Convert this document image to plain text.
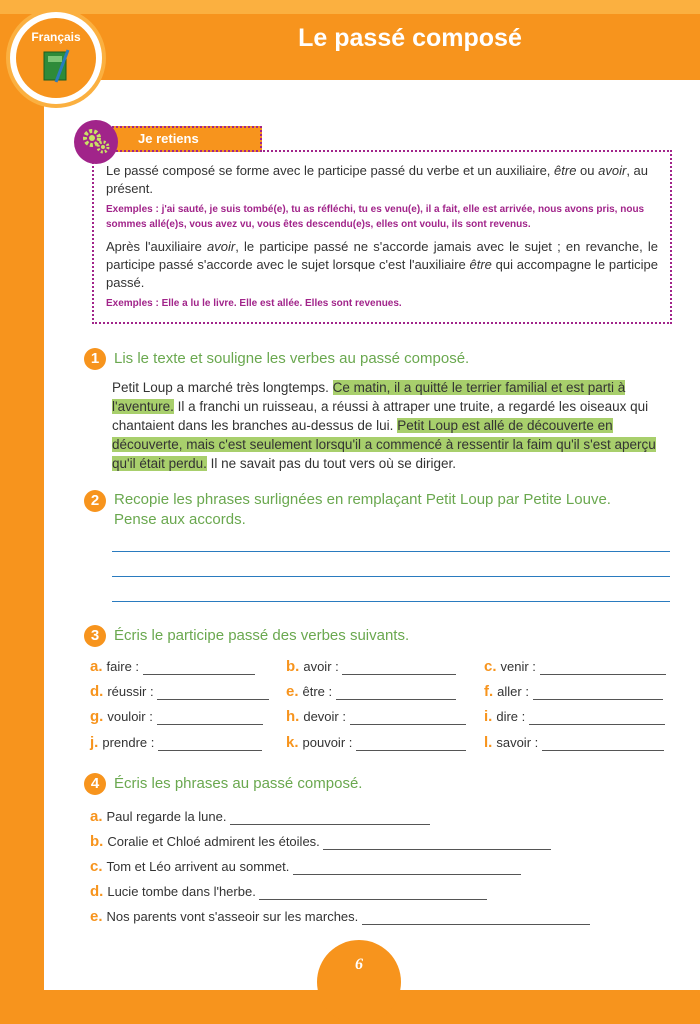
Le passé composé
Français
Je retiens

Le passé composé se forme avec le participe passé du verbe et un auxiliaire, être ou avoir, au présent.

Exemples : j'ai sauté, je suis tombé(e), tu as réfléchi, tu es venu(e), il a fait, elle est arrivée, nous avons pris, nous sommes allé(e)s, vous avez vu, vous êtes descendu(e)s, elles ont voulu, ils sont revenus.

Après l'auxiliaire avoir, le participe passé ne s'accorde jamais avec le sujet ; en revanche, le participe passé s'accorde avec le sujet lorsque c'est l'auxiliaire être qui accompagne le participe passé.

Exemples : Elle a lu le livre. Elle est allée. Elles sont revenues.

1 Lis le texte et souligne les verbes au passé composé.
Petit Loup a marché très longtemps. Ce matin, il a quitté le terrier familial et est parti à l'aventure. Il a franchi un ruisseau, a réussi à attraper une truite, a regardé les oiseaux qui chantaient dans les branches au-dessus de lui. Petit Loup est allé de découverte en découverte, mais c'est seulement lorsqu'il a commencé à ressentir la faim qu'il s'est aperçu qu'il était perdu. Il ne savait pas du tout vers où se diriger.
2 Recopie les phrases surlignées en remplaçant Petit Loup par Petite Louve.
Pense aux accords.
3 Écris le participe passé des verbes suivants.
a. faire :	b. avoir :	c. venir :
d. réussir :	e. être :	f. aller :
g. vouloir :	h. devoir :	i. dire :
j. prendre :	k. pouvoir :	l. savoir :
4 Écris les phrases au passé composé.
a. Paul regarde la lune.
b. Coralie et Chloé admirent les étoiles.
c. Tom et Léo arrivent au sommet.
d. Lucie tombe dans l'herbe.
e. Nos parents vont s'asseoir sur les marches.
6
